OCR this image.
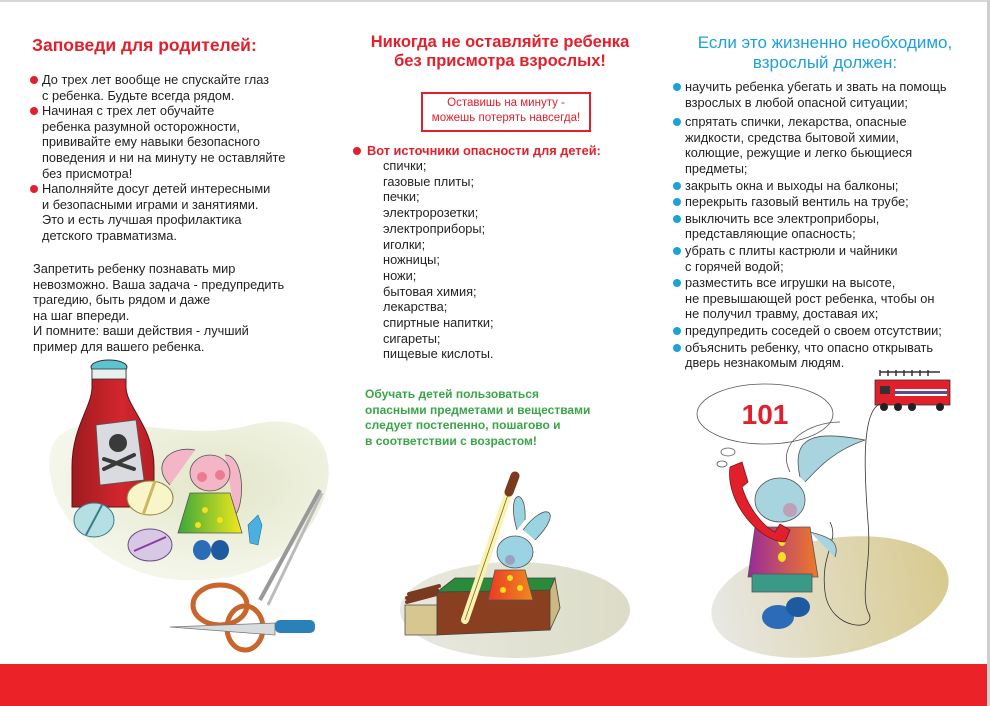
Заповеди для родителей:
До трех лет вообще не спускайте глаз
с ребенка. Будьте всегда рядом.
Начиная с трех лет обучайте
ребенка разумной осторожности,
прививайте ему навыки безопасного
поведения и ни на минуту не оставляйте
без присмотра!
Наполняйте досуг детей интересными
и безопасными играми и занятиями.
Это и есть лучшая профилактика
детского травматизма.

Запретить ребенку познавать мир
невозможно. Ваша задача - предупредить
трагедию, быть рядом и даже
на шаг впереди.
И помните: ваши действия - лучший
пример для вашего ребенка.

Никогда не оставляйте ребенка
без присмотра взрослых!
Оставишь на минуту -
можешь потерять навсегда!
Вот источники опасности для детей:
спички;
газовые плиты;
печки;
электророзетки;
электроприборы;
иголки;
ножницы;
ножи;
бытовая химия;
лекарства;
спиртные напитки;
сигареты;
пищевые кислоты.
Обучать детей пользоваться
опасными предметами и веществами
следует постепенно, пошагово и
в соответствии с возрастом!
Если это жизненно необходимо,
взрослый должен:
научить ребенка убегать и звать на помощь
взрослых в любой опасной ситуации;
спрятать спички, лекарства, опасные
жидкости, средства бытовой химии,
колющие, режущие и легко бьющиеся
предметы;
закрыть окна и выходы на балконы;
перекрыть газовый вентиль на трубе;
выключить все электроприборы,
представляющие опасность;
убрать с плиты кастрюли и чайники
с горячей водой;
разместить все игрушки на высоте,
не превышающей рост ребенка, чтобы он
не получил травму, доставая их;
предупредить соседей о своем отсутствии;
объяснить ребенку, что опасно открывать
дверь незнакомым людям.
101
